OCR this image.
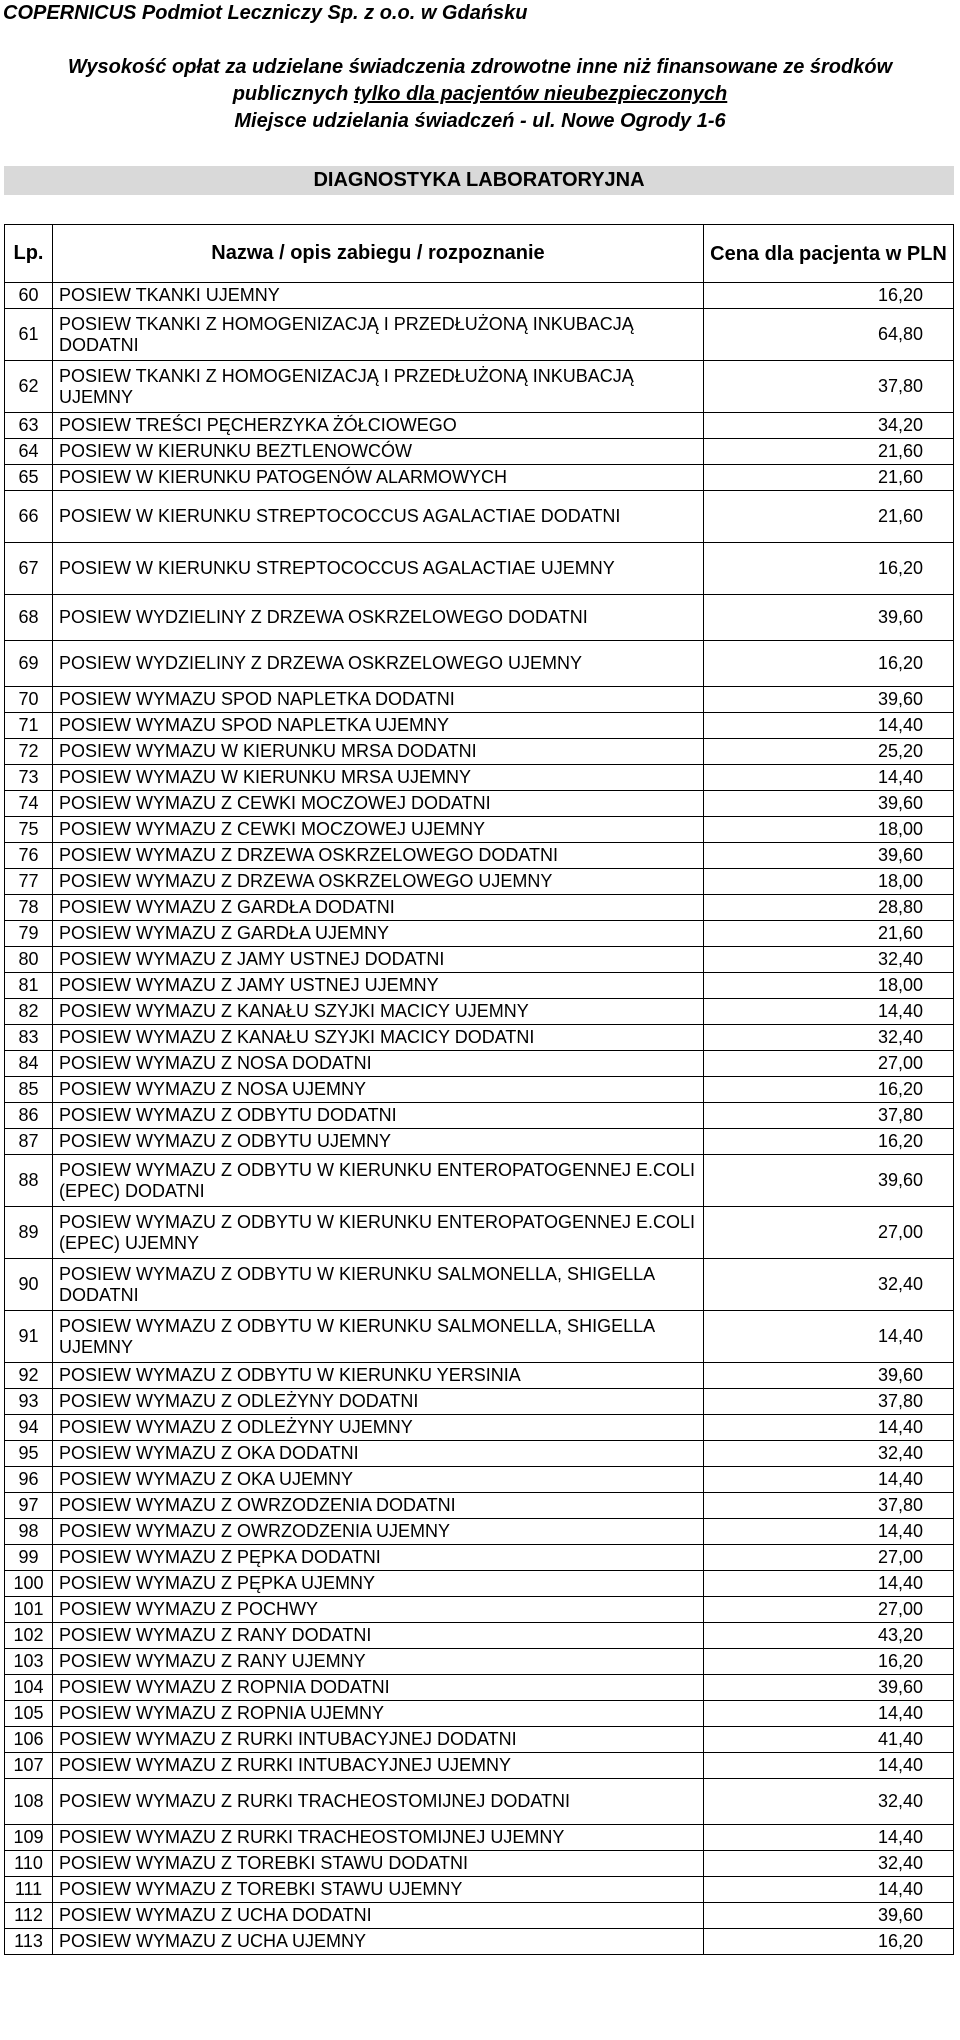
COPERNICUS Podmiot Leczniczy Sp. z o.o. w Gdańsku
Wysokość opłat za udzielane świadczenia zdrowotne inne niż finansowane ze środków
publicznych tylko dla pacjentów nieubezpieczonych
Miejsce udzielania świadczeń - ul. Nowe Ogrody 1-6
DIAGNOSTYKA LABORATORYJNA
Lp.	Nazwa / opis zabiegu / rozpoznanie	Cena dla pacjenta w PLN
60	POSIEW TKANKI UJEMNY	16,20
61	POSIEW TKANKI Z HOMOGENIZACJĄ I PRZEDŁUŻONĄ INKUBACJĄ DODATNI	64,80
62	POSIEW TKANKI Z HOMOGENIZACJĄ I PRZEDŁUŻONĄ INKUBACJĄ UJEMNY	37,80
63	POSIEW TREŚCI PĘCHERZYKA ŻÓŁCIOWEGO	34,20
64	POSIEW W KIERUNKU BEZTLENOWCÓW	21,60
65	POSIEW W KIERUNKU PATOGENÓW ALARMOWYCH	21,60
66	POSIEW W KIERUNKU STREPTOCOCCUS AGALACTIAE DODATNI	21,60
67	POSIEW W KIERUNKU STREPTOCOCCUS AGALACTIAE UJEMNY	16,20
68	POSIEW WYDZIELINY Z DRZEWA OSKRZELOWEGO DODATNI	39,60
69	POSIEW WYDZIELINY Z DRZEWA OSKRZELOWEGO UJEMNY	16,20
70	POSIEW WYMAZU SPOD NAPLETKA DODATNI	39,60
71	POSIEW WYMAZU SPOD NAPLETKA UJEMNY	14,40
72	POSIEW WYMAZU W KIERUNKU MRSA DODATNI	25,20
73	POSIEW WYMAZU W KIERUNKU MRSA UJEMNY	14,40
74	POSIEW WYMAZU Z CEWKI MOCZOWEJ DODATNI	39,60
75	POSIEW WYMAZU Z CEWKI MOCZOWEJ UJEMNY	18,00
76	POSIEW WYMAZU Z DRZEWA OSKRZELOWEGO DODATNI	39,60
77	POSIEW WYMAZU Z DRZEWA OSKRZELOWEGO UJEMNY	18,00
78	POSIEW WYMAZU Z GARDŁA DODATNI	28,80
79	POSIEW WYMAZU Z GARDŁA UJEMNY	21,60
80	POSIEW WYMAZU Z JAMY USTNEJ DODATNI	32,40
81	POSIEW WYMAZU Z JAMY USTNEJ UJEMNY	18,00
82	POSIEW WYMAZU Z KANAŁU SZYJKI MACICY UJEMNY	14,40
83	POSIEW WYMAZU Z KANAŁU SZYJKI MACICY DODATNI	32,40
84	POSIEW WYMAZU Z NOSA DODATNI	27,00
85	POSIEW WYMAZU Z NOSA UJEMNY	16,20
86	POSIEW WYMAZU Z ODBYTU DODATNI	37,80
87	POSIEW WYMAZU Z ODBYTU UJEMNY	16,20
88	POSIEW WYMAZU Z ODBYTU W KIERUNKU ENTEROPATOGENNEJ E.COLI (EPEC) DODATNI	39,60
89	POSIEW WYMAZU Z ODBYTU W KIERUNKU ENTEROPATOGENNEJ E.COLI (EPEC) UJEMNY	27,00
90	POSIEW WYMAZU Z ODBYTU W KIERUNKU SALMONELLA, SHIGELLA DODATNI	32,40
91	POSIEW WYMAZU Z ODBYTU W KIERUNKU SALMONELLA, SHIGELLA UJEMNY	14,40
92	POSIEW WYMAZU Z ODBYTU W KIERUNKU YERSINIA	39,60
93	POSIEW WYMAZU Z ODLEŻYNY DODATNI	37,80
94	POSIEW WYMAZU Z ODLEŻYNY UJEMNY	14,40
95	POSIEW WYMAZU Z OKA DODATNI	32,40
96	POSIEW WYMAZU Z OKA UJEMNY	14,40
97	POSIEW WYMAZU Z OWRZODZENIA DODATNI	37,80
98	POSIEW WYMAZU Z OWRZODZENIA UJEMNY	14,40
99	POSIEW WYMAZU Z PĘPKA DODATNI	27,00
100	POSIEW WYMAZU Z PĘPKA UJEMNY	14,40
101	POSIEW WYMAZU Z POCHWY	27,00
102	POSIEW WYMAZU Z RANY DODATNI	43,20
103	POSIEW WYMAZU Z RANY UJEMNY	16,20
104	POSIEW WYMAZU Z ROPNIA DODATNI	39,60
105	POSIEW WYMAZU Z ROPNIA UJEMNY	14,40
106	POSIEW WYMAZU Z RURKI INTUBACYJNEJ DODATNI	41,40
107	POSIEW WYMAZU Z RURKI INTUBACYJNEJ UJEMNY	14,40
108	POSIEW WYMAZU Z RURKI TRACHEOSTOMIJNEJ DODATNI	32,40
109	POSIEW WYMAZU Z RURKI TRACHEOSTOMIJNEJ UJEMNY	14,40
110	POSIEW WYMAZU Z TOREBKI STAWU DODATNI	32,40
111	POSIEW WYMAZU Z TOREBKI STAWU UJEMNY	14,40
112	POSIEW WYMAZU Z UCHA DODATNI	39,60
113	POSIEW WYMAZU Z UCHA UJEMNY	16,20
